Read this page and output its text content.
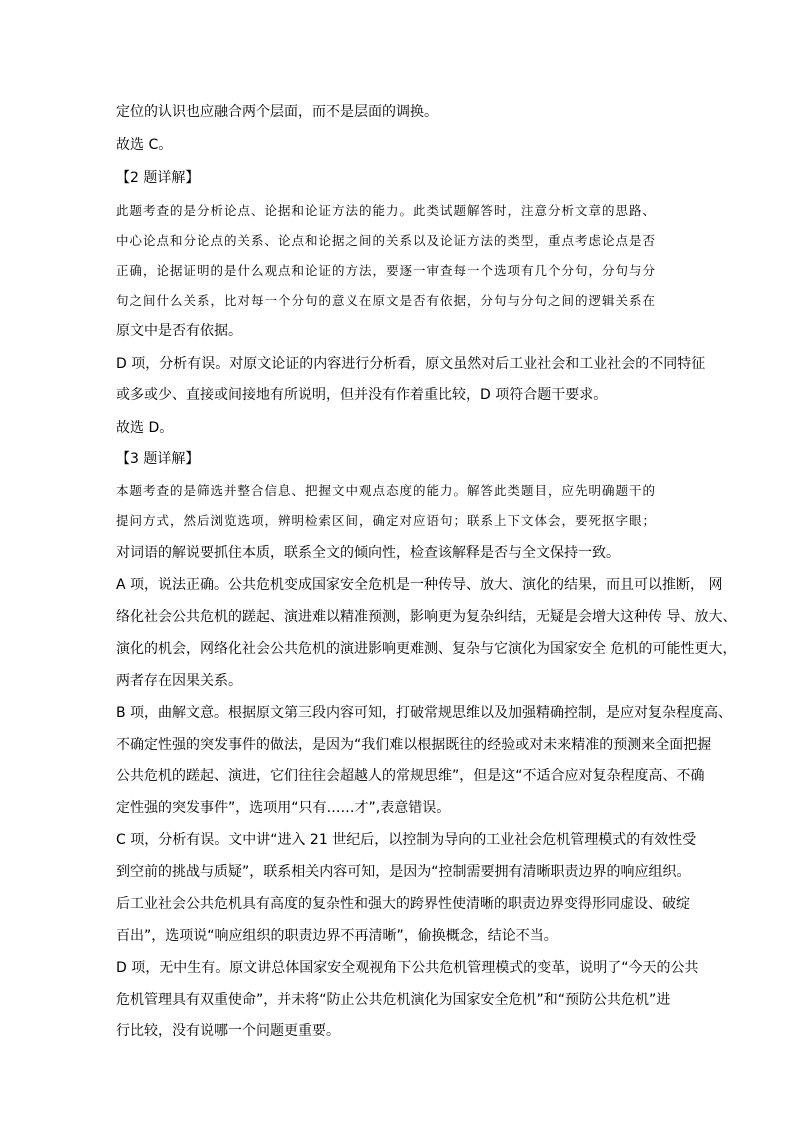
定位的认识也应融合两个层面，而不是层面的调换。
故选 C。
【2 题详解】
此题考查的是分析论点、论据和论证方法的能力。此类试题解答时，注意分析文章的思路、
中心论点和分论点的关系、论点和论据之间的关系以及论证方法的类型，重点考虑论点是否
正确，论据证明的是什么观点和论证的方法，要逐一审查每一个选项有几个分句，分句与分
句之间什么关系，比对每一个分句的意义在原文是否有依据，分句与分句之间的逻辑关系在
原文中是否有依据。
D 项，分析有误。对原文论证的内容进行分析看，原文虽然对后工业社会和工业社会的不同特征
或多或少、直接或间接地有所说明，但并没有作着重比较，D 项符合题干要求。
故选 D。
【3 题详解】
本题考查的是筛选并整合信息、把握文中观点态度的能力。解答此类题目，应先明确题干的
提问方式，然后浏览选项，辨明检索区间，确定对应语句；联系上下文体会，要死抠字眼；
对词语的解说要抓住本质，联系全文的倾向性，检查该解释是否与全文保持一致。
A 项，说法正确。公共危机变成国家安全危机是一种传导、放大、演化的结果，而且可以推断， 网
络化社会公共危机的蹉起、演进难以精准预测，影响更为复杂纠结，无疑是会增大这种传 导、放大、
演化的机会，网络化社会公共危机的演进影响更难测、复杂与它演化为国家安全 危机的可能性更大，
两者存在因果关系。
B 项，曲解文意。根据原文第三段内容可知，打破常规思维以及加强精确控制，是应对复杂程度高、
不确定性强的突发事件的做法，是因为“我们难以根据既往的经验或对未来精准的预测来全面把握
公共危机的蹉起、演进，它们往往会超越人的常规思维”，但是这“不适合应对复杂程度高、不确
定性强的突发事件”，选项用“只有……才”,表意错误。
C 项，分析有误。文中讲“进入 21 世纪后，以控制为导向的工业社会危机管理模式的有效性受
到空前的挑战与质疑”，联系相关内容可知，是因为“控制需要拥有清晰职责边界的响应组织。
后工业社会公共危机具有高度的复杂性和强大的跨界性使清晰的职责边界变得形同虚设、破绽
百出”，选项说“响应组织的职责边界不再清晰”，偷换概念，结论不当。
D 项，无中生有。原文讲总体国家安全观视角下公共危机管理模式的变革，说明了“今天的公共
危机管理具有双重使命”，并未将“防止公共危机演化为国家安全危机”和“预防公共危机”进
行比较，没有说哪一个问题更重要。
